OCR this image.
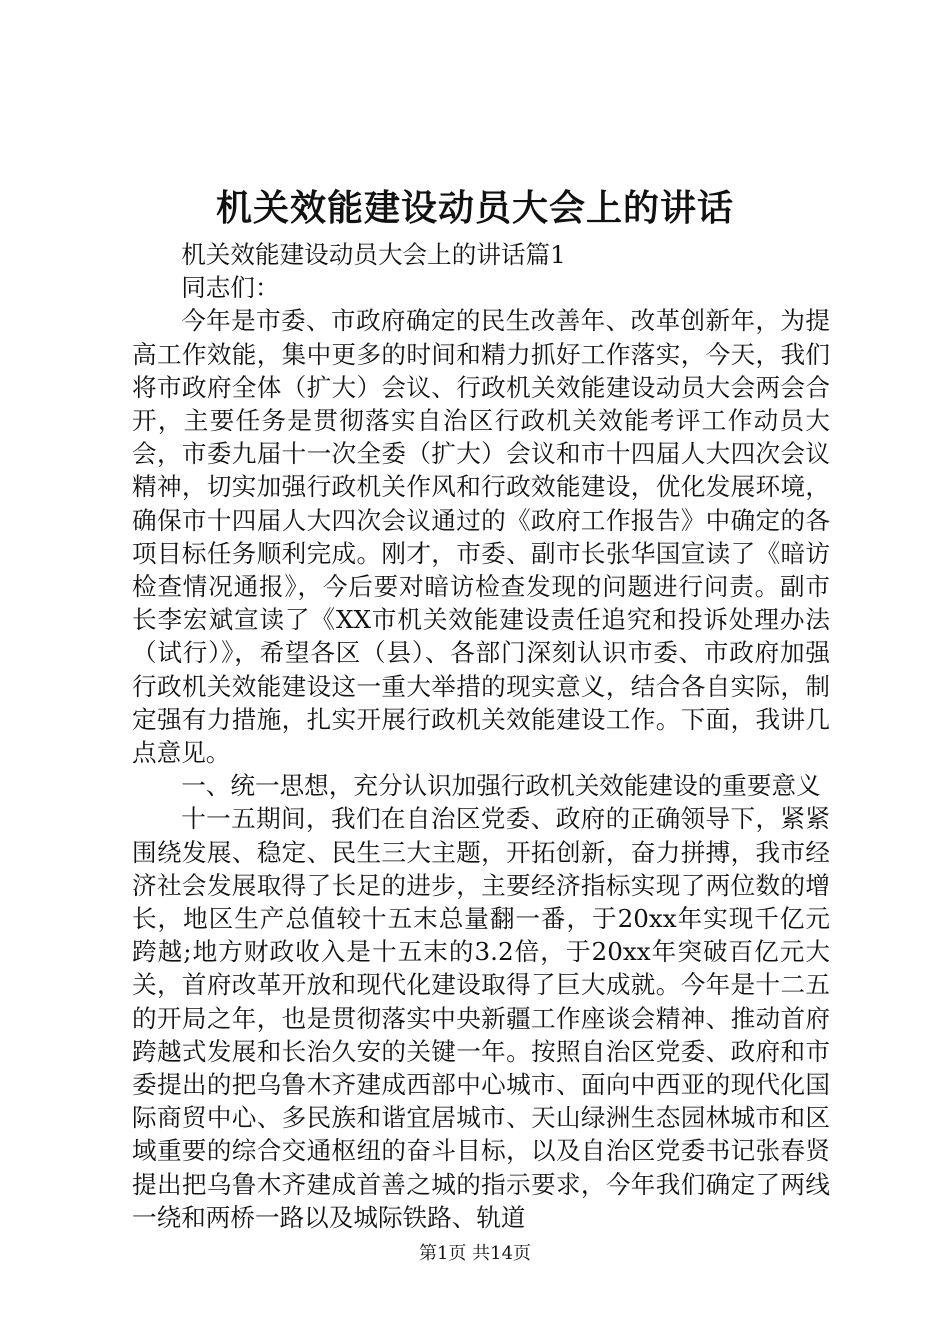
机关效能建设动员大会上的讲话

机关效能建设动员大会上的讲话篇1

同志们：

今年是市委、市政府确定的民生改善年、改革创新年，为提高工作效能，集中更多的时间和精力抓好工作落实，今天，我们将市政府全体（扩大）会议、行政机关效能建设动员大会两会合开，主要任务是贯彻落实自治区行政机关效能考评工作动员大会，市委九届十一次全委（扩大）会议和市十四届人大四次会议精神，切实加强行政机关作风和行政效能建设，优化发展环境，确保市十四届人大四次会议通过的《政府工作报告》中确定的各项目标任务顺利完成。刚才，市委、副市长张华国宣读了《暗访检查情况通报》，今后要对暗访检查发现的问题进行问责。副市长李宏斌宣读了《XX市机关效能建设责任追究和投诉处理办法（试行）》，希望各区（县）、各部门深刻认识市委、市政府加强行政机关效能建设这一重大举措的现实意义，结合各自实际，制定强有力措施，扎实开展行政机关效能建设工作。下面，我讲几点意见。

一、统一思想，充分认识加强行政机关效能建设的重要意义

十一五期间，我们在自治区党委、政府的正确领导下，紧紧围绕发展、稳定、民生三大主题，开拓创新，奋力拼搏，我市经济社会发展取得了长足的进步，主要经济指标实现了两位数的增长，地区生产总值较十五末总量翻一番，于20xx年实现千亿元跨越;地方财政收入是十五末的3.2倍，于20xx年突破百亿元大关，首府改革开放和现代化建设取得了巨大成就。今年是十二五的开局之年，也是贯彻落实中央新疆工作座谈会精神、推动首府跨越式发展和长治久安的关键一年。按照自治区党委、政府和市委提出的把乌鲁木齐建成西部中心城市、面向中西亚的现代化国际商贸中心、多民族和谐宜居城市、天山绿洲生态园林城市和区域重要的综合交通枢纽的奋斗目标，以及自治区党委书记张春贤提出把乌鲁木齐建成首善之城的指示要求，今年我们确定了两线一绕和两桥一路以及城际铁路、轨道

第1页 共14页
